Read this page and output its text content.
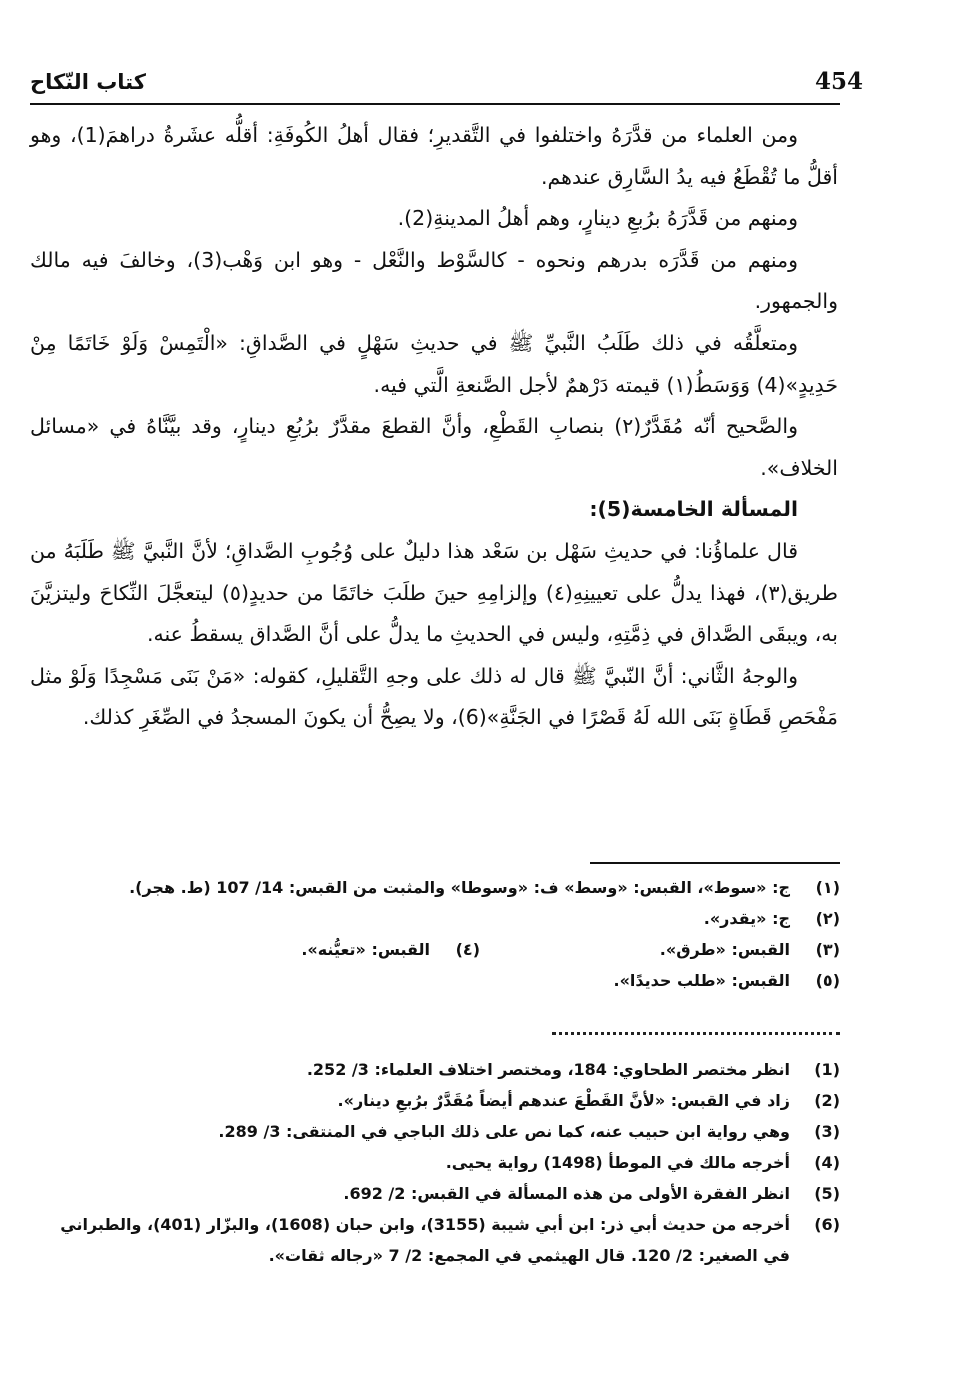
454
كتاب النّكاح

ومن العلماء من قدَّرَهُ واختلفوا في التَّقديرِ؛ فقال أهلُ الكُوفَةِ: أقلُّه عشَرةُ دراهمَ(1)، وهو أقلُّ ما تُقْطَعُ فيه يدُ السَّارِق عندهم.

ومنهم من قَدَّرَهُ برُبعِ دينارٍ، وهم أهلُ المدينةِ(2).

ومنهم من قَدَّرَه بدرهم ونحوه - كالسَّوْط والنَّعْل - وهو ابن وَهْب(3)، وخالفَ فيه مالك والجمهور.

ومتعلَّقُه في ذلك طَلَبُ النَّبيِّ ﷺ في حديثِ سَهْلٍ في الصَّداقِ: «الْتَمِسْ وَلَوْ خَاتَمًا مِنْ حَدِيدٍ»(4) وَوَسَطُ(١) قيمته دَرْهمٌ لأجل الصَّنعةِ الَّتي فيه.

والصَّحيح أنّه مُقَدَّرٌ(٢) بنصابِ القَطْعِ، وأنَّ القطعَ مقدَّرٌ برُبُعِ دينارٍ، وقد بيَّنَّاهُ في «مسائل الخلاف».

المسألة الخامسة(5):

قال علماؤُنا: في حديثِ سَهْل بن سَعْد هذا دليلٌ على وُجُوبِ الصَّداقِ؛ لأنَّ النَّبيَّ ﷺ طَلَبَهُ من طريق(٣)، فهذا يدلُّ على تعيينِهِ(٤) وإلزامِهِ حينَ طلَبَ خاتَمًا من حديدٍ(٥) ليتعجَّلَ النِّكاحَ وليتزيَّنَ به، ويبقَى الصَّداق في ذِمَّتِهِ، وليس في الحديثِ ما يدلُّ على أنَّ الصَّداق يسقطُ عنه.

والوجهُ الثَّاني: أنَّ النّبيَّ ﷺ قال له ذلك على وجهِ التَّقليلِ، كقوله: «مَنْ بَنَى مَسْجِدًا وَلَوْ مثل مَفْحَصِ قَطَاةٍ بَنَى الله لَهُ قَصْرًا في الجَنَّةِ»(6)، ولا يصِحُّ أن يكونَ المسجدُ في الصِّغَرِ كذلك.

(١)
ج: «سوط»، القبس: «وسط» ف: «وسوطا» والمثبت من القبس: 14/ 107 (ط. هجر).
(٢)
ج: «يقدر».
(٣)
القبس: «طرق».
(٤)
القبس: «تعيُّنه».
(٥)
القبس: «طلب حديدًا».
(1)
انظر مختصر الطحاوي: 184، ومختصر اختلاف العلماء: 3/ 252.
(2)
زاد في القبس: «لأنَّ القَطْعَ عندهم أيضاً مُقَدَّرٌ برُبعِ دينار».
(3)
وهي رواية ابن حبيب عنه، كما نص على ذلك الباجي في المنتقى: 3/ 289.
(4)
أخرجه مالك في الموطأ (1498) رواية يحيى.
(5)
انظر الفقرة الأولى من هذه المسألة في القبس: 2/ 692.
(6)
أخرجه من حديث أبي ذر: ابن أبي شيبة (3155)، وابن حبان (1608)، والبزّار (401)، والطبراني في الصغير: 2/ 120. قال الهيثمي في المجمع: 2/ 7 «رجاله ثقات».
